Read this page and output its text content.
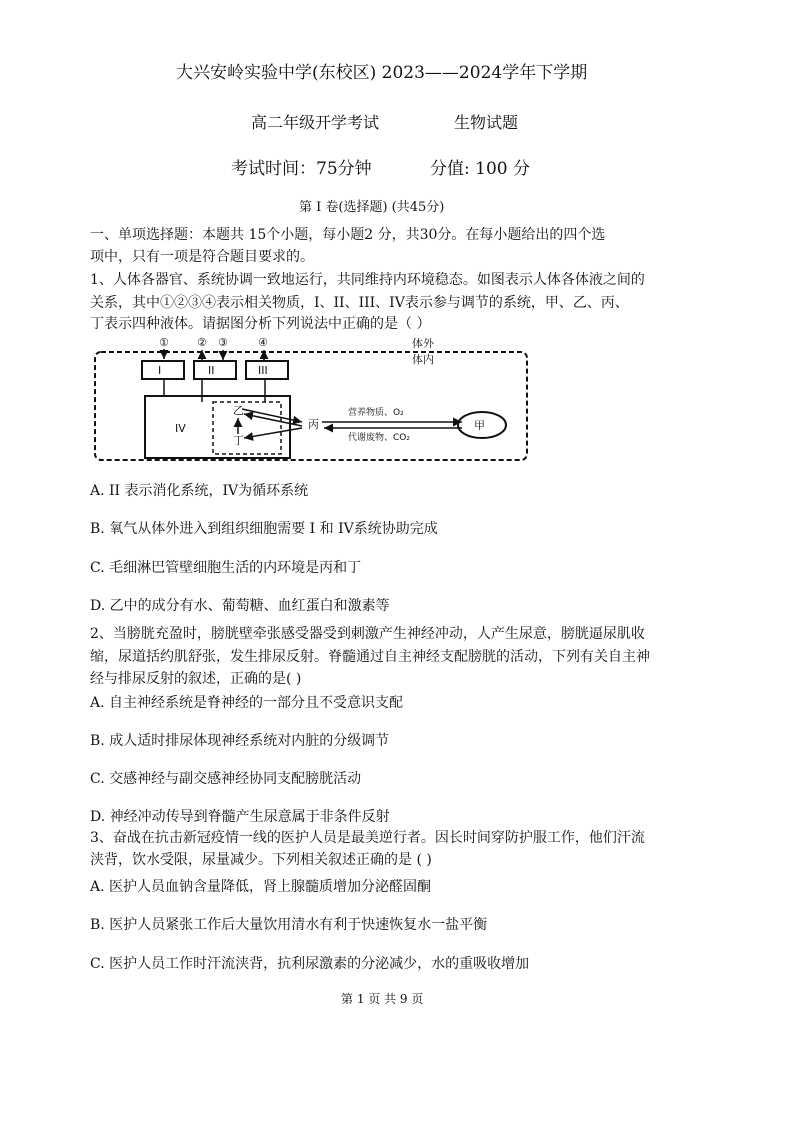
大兴安岭实验中学(东校区) 2023——2024学年下学期
高二年级开学考试	生物试题
考试时间：75分钟	分值: 100 分
第 I 卷(选择题) (共45分)
一、单项选择题：本题共 15个小题，每小题2 分，共30分。在每小题给出的四个选
项中，只有一项是符合题目要求的。
1、人体各器官、系统协调一致地运行，共同维持内环境稳态。如图表示人体各体液之间的
关系，其中①②③④表示相关物质，I、II、III、IV表示参与调节的系统，甲、乙、丙、
丁表示四种液体。请据图分析下列说法中正确的是（ ）
体外
体内
①	② ③	④
I	II	III
IV
乙
丁
丙
营养物质、O₂
代谢废物、CO₂
甲
A. II 表示消化系统，IV为循环系统
B. 氧气从体外进入到组织细胞需要 I 和 IV系统协助完成
C. 毛细淋巴管壁细胞生活的内环境是丙和丁
D. 乙中的成分有水、葡萄糖、血红蛋白和激素等
2、当膀胱充盈时，膀胱壁牵张感受器受到刺激产生神经冲动，人产生尿意，膀胱逼尿肌收
缩，尿道括约肌舒张，发生排尿反射。脊髓通过自主神经支配膀胱的活动，下列有关自主神
经与排尿反射的叙述，正确的是( )
A. 自主神经系统是脊神经的一部分且不受意识支配
B. 成人适时排尿体现神经系统对内脏的分级调节
C. 交感神经与副交感神经协同支配膀胱活动
D. 神经冲动传导到脊髓产生尿意属于非条件反射
3、奋战在抗击新冠疫情一线的医护人员是最美逆行者。因长时间穿防护服工作，他们汗流
浃背，饮水受限，尿量减少。下列相关叙述正确的是 ( )
A. 医护人员血钠含量降低，肾上腺髓质增加分泌醛固酮
B. 医护人员紧张工作后大量饮用清水有利于快速恢复水一盐平衡
C. 医护人员工作时汗流浃背，抗利尿激素的分泌减少，水的重吸收增加
第 1 页 共 9 页
